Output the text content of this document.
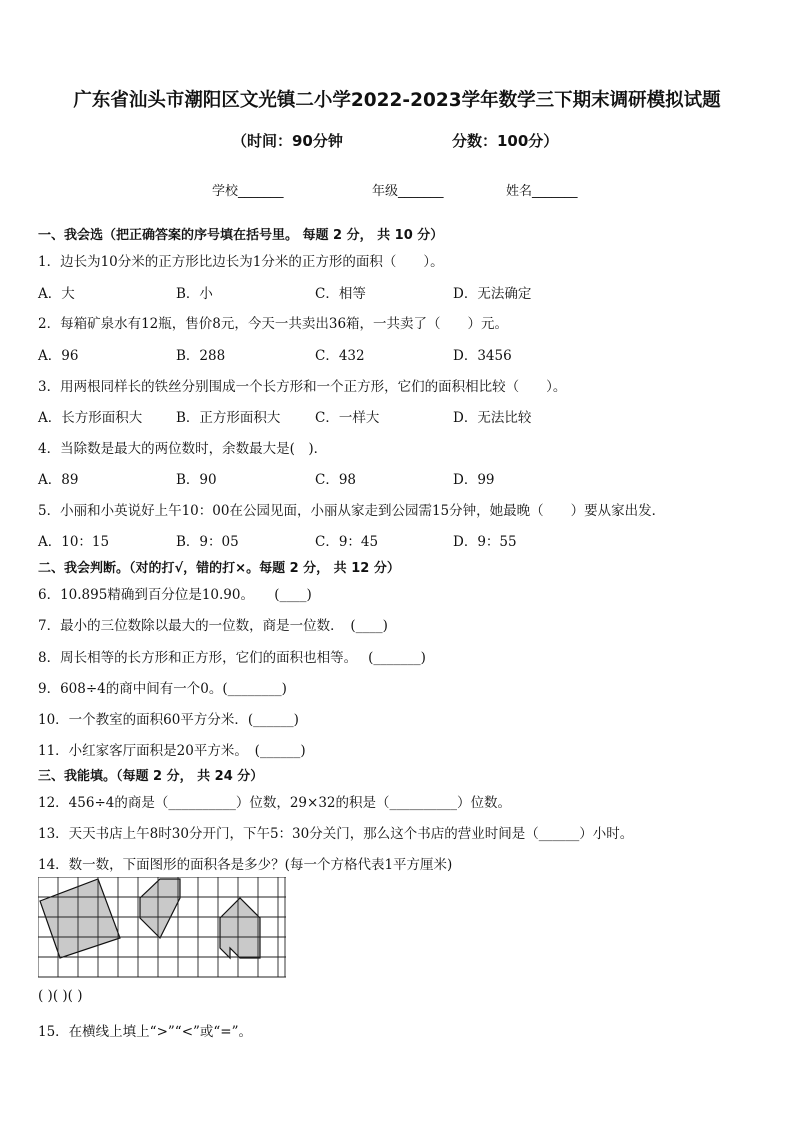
广东省汕头市潮阳区文光镇二小学2022-2023学年数学三下期末调研模拟试题
（时间：90分钟	分数：100分）
学校_______	年级_______	姓名_______
一、我会选（把正确答案的序号填在括号里。 每题 2 分， 共 10 分）
1．边长为10分米的正方形比边长为1分米的正方形的面积（　　）。
A．大	B．小	C．相等	D．无法确定
2．每箱矿泉水有12瓶，售价8元，今天一共卖出36箱，一共卖了（　　）元。
A．96	B．288	C．432	D．3456
3．用两根同样长的铁丝分别围成一个长方形和一个正方形，它们的面积相比较（　　）。
A．长方形面积大	B．正方形面积大	C．一样大	D．无法比较
4．当除数是最大的两位数时，余数最大是(　)．
A．89	B．90	C．98	D．99
5．小丽和小英说好上午10：00在公园见面，小丽从家走到公园需15分钟，她最晚（　　）要从家出发．
A．10：15	B．9：05	C．9：45	D．9：55
二、我会判断。（对的打√，错的打×。每题 2 分， 共 12 分）
6．10.895精确到百分位是10.90。　　(____)
7．最小的三位数除以最大的一位数，商是一位数．　(____)
8．周长相等的长方形和正方形，它们的面积也相等。　 (_______)
9．608÷4的商中间有一个0。(________)
10．一个教室的面积60平方分米．(______)
11．小红家客厅面积是20平方米。　(______)
三、我能填。（每题 2 分， 共 24 分）
12．456÷4的商是（__________）位数，29×32的积是（__________）位数。
13．天天书店上午8时30分开门，下午5：30分关门，那么这个书店的营业时间是（______）小时。
14．数一数，下面图形的面积各是多少？(每一个方格代表1平方厘米)
( )( )( )
15．在横线上填上“>”“<”或“=”。
